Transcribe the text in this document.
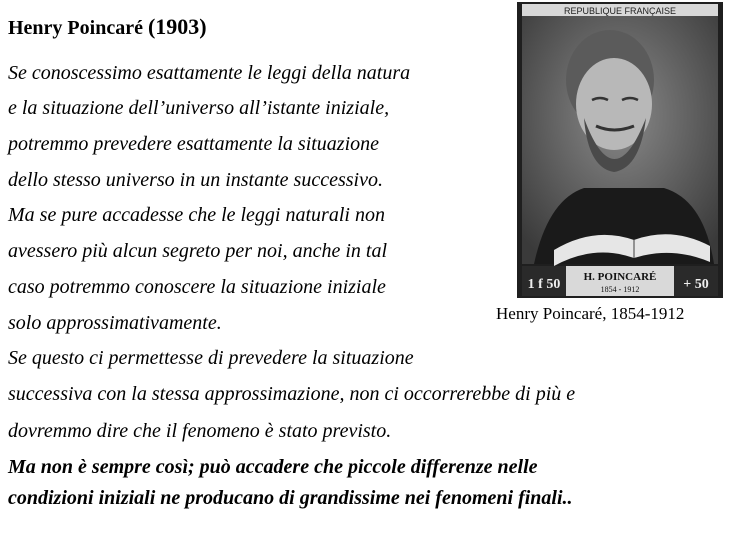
Henry Poincaré (1903)
Se conoscessimo esattamente le leggi della natura
e la situazione dell’universo all’istante iniziale,
potremmo prevedere esattamente la situazione
dello stesso universo in un instante successivo.
Ma se pure accadesse che le leggi naturali non
avessero più alcun segreto per noi, anche in tal
caso potremmo conoscere la situazione iniziale
solo approssimativamente.
Se questo ci permettesse di prevedere la situazione
successiva con la stessa approssimazione, non ci occorrerebbe di più e
dovremmo dire che il fenomeno è stato previsto.
Ma non è sempre così; può accadere che piccole differenze nelle
condizioni iniziali ne producano di grandissime nei fenomeni finali..
Henry Poincaré, 1854-1912
REPUBLIQUE FRANÇAISE
H. POINCARÉ
1854 - 1912
1 f 50	+ 50
